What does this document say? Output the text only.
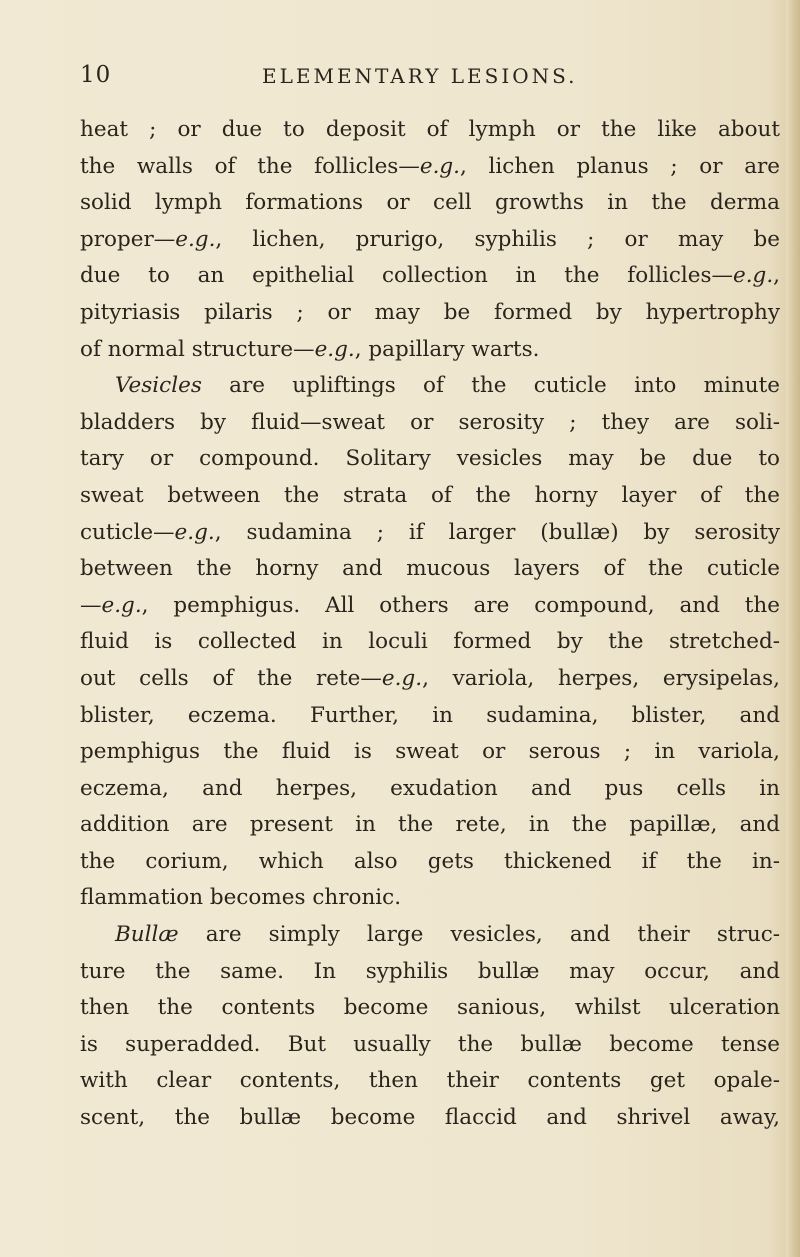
10	ELEMENTARY LESIONS.
heat ; or due to deposit of lymph or the like about
the walls of the follicles—e.g., lichen planus ; or are
solid lymph formations or cell growths in the derma
proper—e.g., lichen, prurigo, syphilis ; or may be
due to an epithelial collection in the follicles—e.g.,
pityriasis pilaris ; or may be formed by hypertrophy
of normal structure—e.g., papillary warts.
Vesicles are upliftings of the cuticle into minute
bladders by fluid—sweat or serosity ; they are soli-
tary or compound. Solitary vesicles may be due to
sweat between the strata of the horny layer of the
cuticle—e.g., sudamina ; if larger (bullæ) by serosity
between the horny and mucous layers of the cuticle
—e.g., pemphigus. All others are compound, and the
fluid is collected in loculi formed by the stretched-
out cells of the rete—e.g., variola, herpes, erysipelas,
blister, eczema. Further, in sudamina, blister, and
pemphigus the fluid is sweat or serous ; in variola,
eczema, and herpes, exudation and pus cells in
addition are present in the rete, in the papillæ, and
the corium, which also gets thickened if the in-
flammation becomes chronic.
Bullæ are simply large vesicles, and their struc-
ture the same. In syphilis bullæ may occur, and
then the contents become sanious, whilst ulceration
is superadded. But usually the bullæ become tense
with clear contents, then their contents get opale-
scent, the bullæ become flaccid and shrivel away,
